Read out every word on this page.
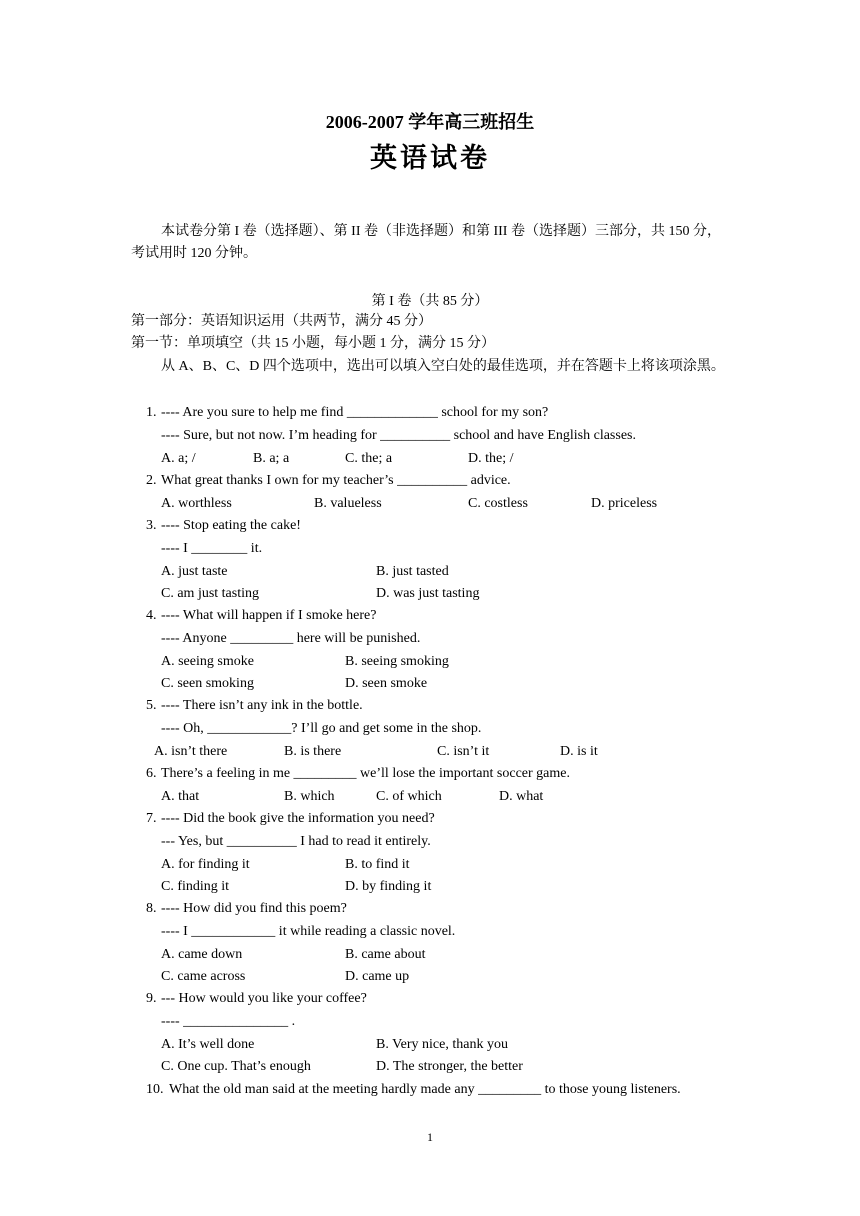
2006-2007 学年高三班招生
英语试卷
本试卷分第 I 卷（选择题）、第 II 卷（非选择题）和第 III 卷（选择题）三部分，共 150 分，考试用时 120 分钟。
第 I 卷（共 85 分）
第一部分：英语知识运用（共两节，满分 45 分）
第一节：单项填空（共 15 小题，每小题 1 分，满分 15 分）
从 A、B、C、D 四个选项中，选出可以填入空白处的最佳选项，并在答题卡上将该项涂黑。
1. ---- Are you sure to help me find _____________ school for my son?
---- Sure, but not now. I’m heading for __________ school and have English classes.
A. a; /	B. a; a	C. the; a	D. the; /
2. What great thanks I own for my teacher’s __________ advice.
A. worthless	B. valueless	C. costless	D. priceless
3. ---- Stop eating the cake!
---- I ________ it.
A. just taste	B. just tasted
C. am just tasting	D. was just tasting
4. ---- What will happen if I smoke here?
---- Anyone _________ here will be punished.
A. seeing smoke	B. seeing smoking
C. seen smoking	D. seen smoke
5. ---- There isn’t any ink in the bottle.
---- Oh, ____________? I’ll go and get some in the shop.
A. isn’t there	B. is there	C. isn’t it	D. is it
6. There’s a feeling in me _________ we’ll lose the important soccer game.
A. that	B. which	C. of which	D. what
7. ---- Did the book give the information you need?
--- Yes, but __________ I had to read it entirely.
A. for finding it	B. to find it
C. finding it	D. by finding it
8. ---- How did you find this poem?
---- I ____________ it while reading a classic novel.
A. came down	B. came about
C. came across	D. came up
9. --- How would you like your coffee?
---- _______________ .
A. It’s well done	B. Very nice, thank you
C. One cup. That’s enough	D. The stronger, the better
10. What the old man said at the meeting hardly made any _________ to those young listeners.
1
